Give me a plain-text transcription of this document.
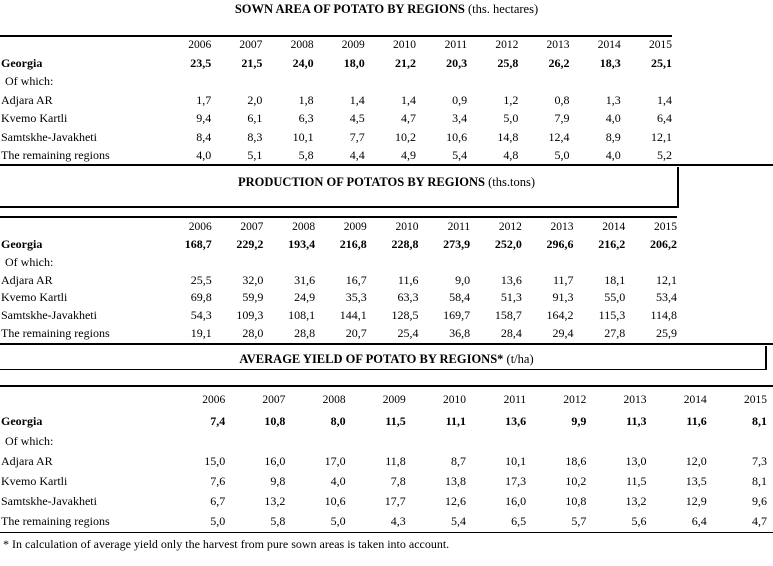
SOWN AREA OF POTATO BY REGIONS (ths. hectares)
	2006	2007	2008	2009	2010	2011	2012	2013	2014	2015
Georgia	23,5	21,5	24,0	18,0	21,2	20,3	25,8	26,2	18,3	25,1
Of which:										
Adjara AR	1,7	2,0	1,8	1,4	1,4	0,9	1,2	0,8	1,3	1,4
Kvemo Kartli	9,4	6,1	6,3	4,5	4,7	3,4	5,0	7,9	4,0	6,4
Samtskhe-Javakheti	8,4	8,3	10,1	7,7	10,2	10,6	14,8	12,4	8,9	12,1
The remaining regions	4,0	5,1	5,8	4,4	4,9	5,4	4,8	5,0	4,0	5,2
PRODUCTION OF POTATOS BY REGIONS (ths.tons)
	2006	2007	2008	2009	2010	2011	2012	2013	2014	2015
Georgia	168,7	229,2	193,4	216,8	228,8	273,9	252,0	296,6	216,2	206,2
Of which:										
Adjara AR	25,5	32,0	31,6	16,7	11,6	9,0	13,6	11,7	18,1	12,1
Kvemo Kartli	69,8	59,9	24,9	35,3	63,3	58,4	51,3	91,3	55,0	53,4
Samtskhe-Javakheti	54,3	109,3	108,1	144,1	128,5	169,7	158,7	164,2	115,3	114,8
The remaining regions	19,1	28,0	28,8	20,7	25,4	36,8	28,4	29,4	27,8	25,9
AVERAGE YIELD OF POTATO BY REGIONS* (t/ha)
	2006	2007	2008	2009	2010	2011	2012	2013	2014	2015
Georgia	7,4	10,8	8,0	11,5	11,1	13,6	9,9	11,3	11,6	8,1
Of which:										
Adjara AR	15,0	16,0	17,0	11,8	8,7	10,1	18,6	13,0	12,0	7,3
Kvemo Kartli	7,6	9,8	4,0	7,8	13,8	17,3	10,2	11,5	13,5	8,1
Samtskhe-Javakheti	6,7	13,2	10,6	17,7	12,6	16,0	10,8	13,2	12,9	9,6
The remaining regions	5,0	5,8	5,0	4,3	5,4	6,5	5,7	5,6	6,4	4,7
* In calculation of average yield only the harvest from pure sown areas is taken into account.
